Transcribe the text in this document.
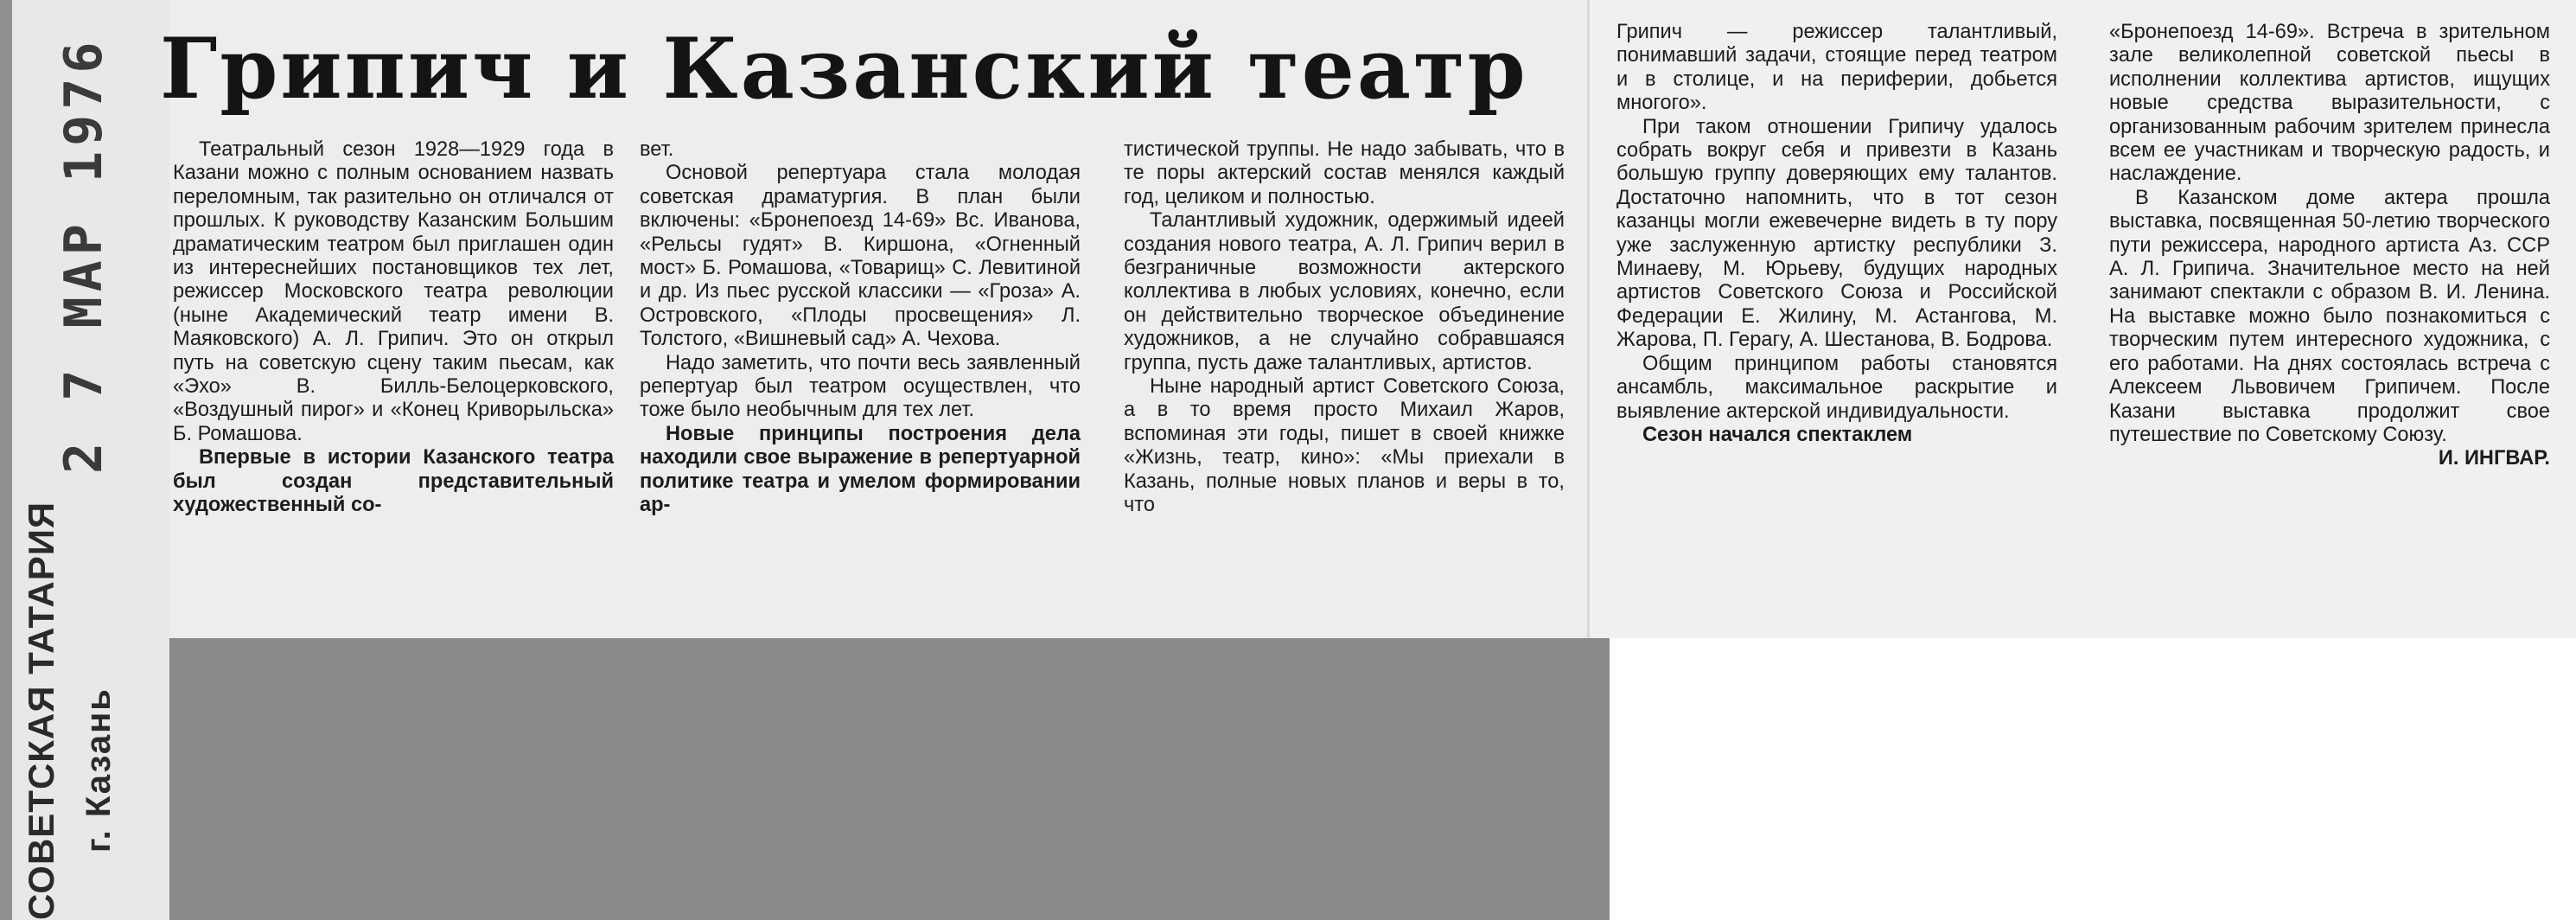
2 7 МАР 1976
СОВЕТСКАЯ ТАТАРИЯ г. Казань
Грипич и Казанский театр

Театральный сезон 1928—1929 года в Казани можно с полным основанием назвать переломным, так разительно он отличался от прошлых. К руководству Казанским Большим драматическим театром был приглашен один из интереснейших постановщиков тех лет, режиссер Московского театра революции (ныне Академический театр имени В. Маяковского) А. Л. Грипич. Это он открыл путь на советскую сцену таким пьесам, как «Эхо» В. Билль-Белоцерковского, «Воздушный пирог» и «Конец Криворыльска» Б. Ромашова.

Впервые в истории Казанского театра был создан представительный художественный со-

вет.

Основой репертуара стала молодая советская драматургия. В план были включены: «Бронепоезд 14-69» Вс. Иванова, «Рельсы гудят» В. Киршона, «Огненный мост» Б. Ромашова, «Товарищ» С. Левитиной и др. Из пьес русской классики — «Гроза» А. Островского, «Плоды просвещения» Л. Толстого, «Вишневый сад» А. Чехова.

Надо заметить, что почти весь заявленный репертуар был театром осуществлен, что тоже было необычным для тех лет.

Новые принципы построения дела находили свое выражение в репертуарной политике театра и умелом формировании ар-

тистической труппы. Не надо забывать, что в те поры актерский состав менялся каждый год, целиком и полностью.

Талантливый художник, одержимый идеей создания нового театра, А. Л. Грипич верил в безграничные возможности актерского коллектива в любых условиях, конечно, если он действительно творческое объединение художников, а не случайно собравшаяся группа, пусть даже талантливых, артистов.

Ныне народный артист Советского Союза, а в то время просто Михаил Жаров, вспоминая эти годы, пишет в своей книжке «Жизнь, театр, кино»: «Мы приехали в Казань, полные новых планов и веры в то, что

Грипич — режиссер талантливый, понимавший задачи, стоящие перед театром и в столице, и на периферии, добьется многого».

При таком отношении Грипичу удалось собрать вокруг себя и привезти в Казань большую группу доверяющих ему талантов. Достаточно напомнить, что в тот сезон казанцы могли ежевечерне видеть в ту пору уже заслуженную артистку республики З. Минаеву, М. Юрьеву, будущих народных артистов Советского Союза и Российской Федерации Е. Жилину, М. Астангова, М. Жарова, П. Герагу, А. Шестанова, В. Бодрова.

Общим принципом работы становятся ансамбль, максимальное раскрытие и выявление актерской индивидуальности.

Сезон начался спектаклем

«Бронепоезд 14-69». Встреча в зрительном зале великолепной советской пьесы в исполнении коллектива артистов, ищущих новые средства выразительности, с организованным рабочим зрителем принесла всем ее участникам и творческую радость, и наслаждение.

В Казанском доме актера прошла выставка, посвященная 50-летию творческого пути режиссера, народного артиста Аз. ССР А. Л. Грипича. Значительное место на ней занимают спектакли с образом В. И. Ленина. На выставке можно было познакомиться с творческим путем интересного художника, с его работами. На днях состоялась встреча с Алексеем Львовичем Грипичем. После Казани выставка продолжит свое путешествие по Советскому Союзу.

И. ИНГВАР.
